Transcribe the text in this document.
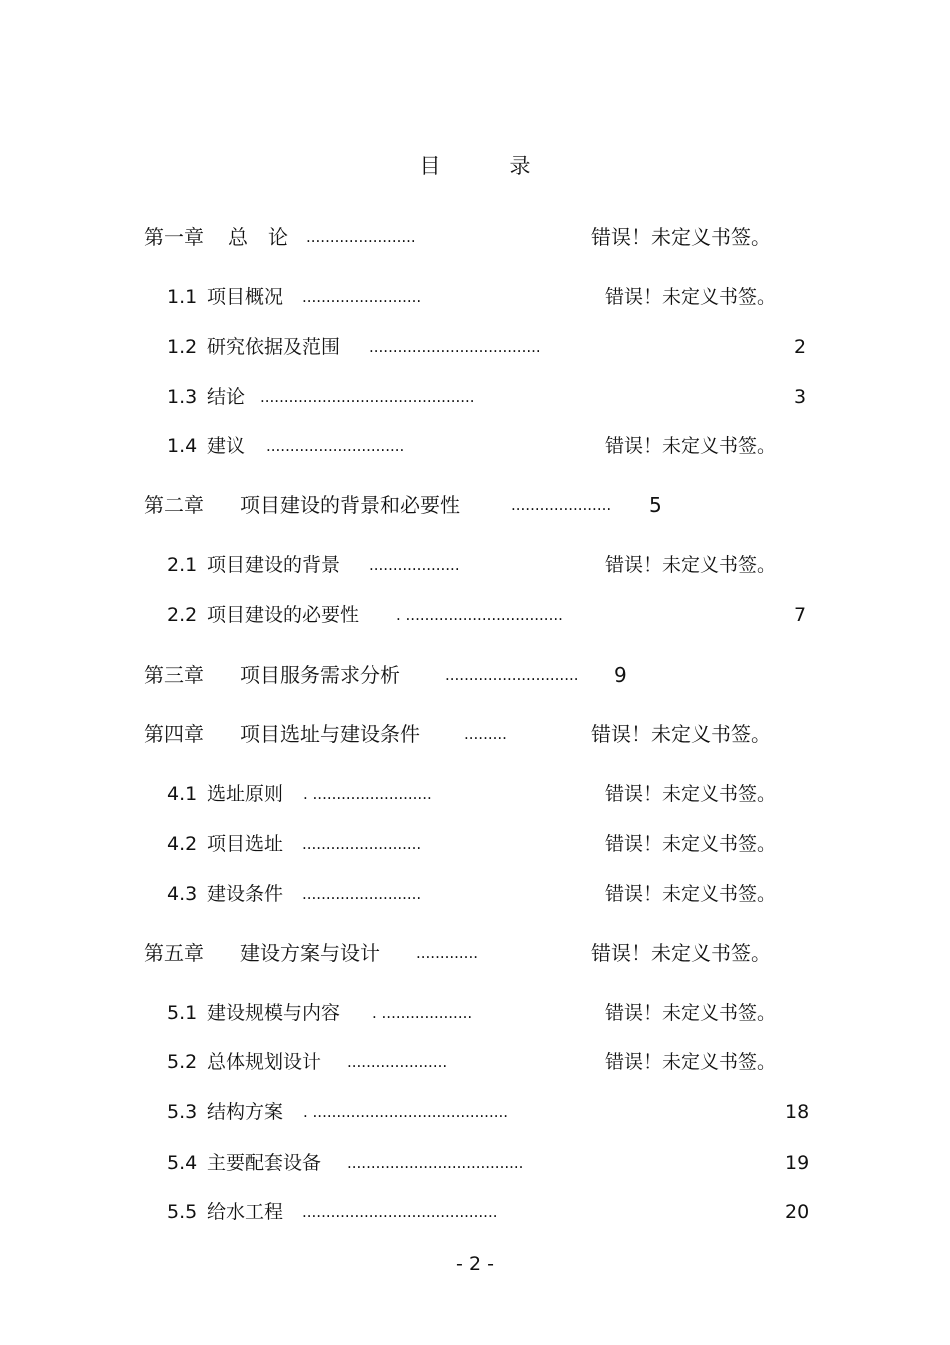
目　录
第一章 总　论 .......................	错误！未定义书签。
1.1 项目概况 .........................	错误！未定义书签。
1.2 研究依据及范围 ....................................	2
1.3 结论 .............................................	3
1.4 建议 .............................	错误！未定义书签。
第二章 项目建设的背景和必要性	..................... 5
2.1 项目建设的背景 ...................	错误！未定义书签。
2.2 项目建设的必要性 . .................................	7
第三章 项目服务需求分析	............................ 9
第四章 项目选址与建设条件	.........	错误！未定义书签。
4.1 选址原则 . .........................	错误！未定义书签。
4.2 项目选址 .........................	错误！未定义书签。
4.3 建设条件 .........................	错误！未定义书签。
第五章 建设方案与设计 .............	错误！未定义书签。
5.1 建设规模与内容 . ...................	错误！未定义书签。
5.2 总体规划设计 .....................	错误！未定义书签。
5.3 结构方案 . .........................................	18
5.4 主要配套设备 .....................................	19
5.5 给水工程 .........................................	20
- 2 -
